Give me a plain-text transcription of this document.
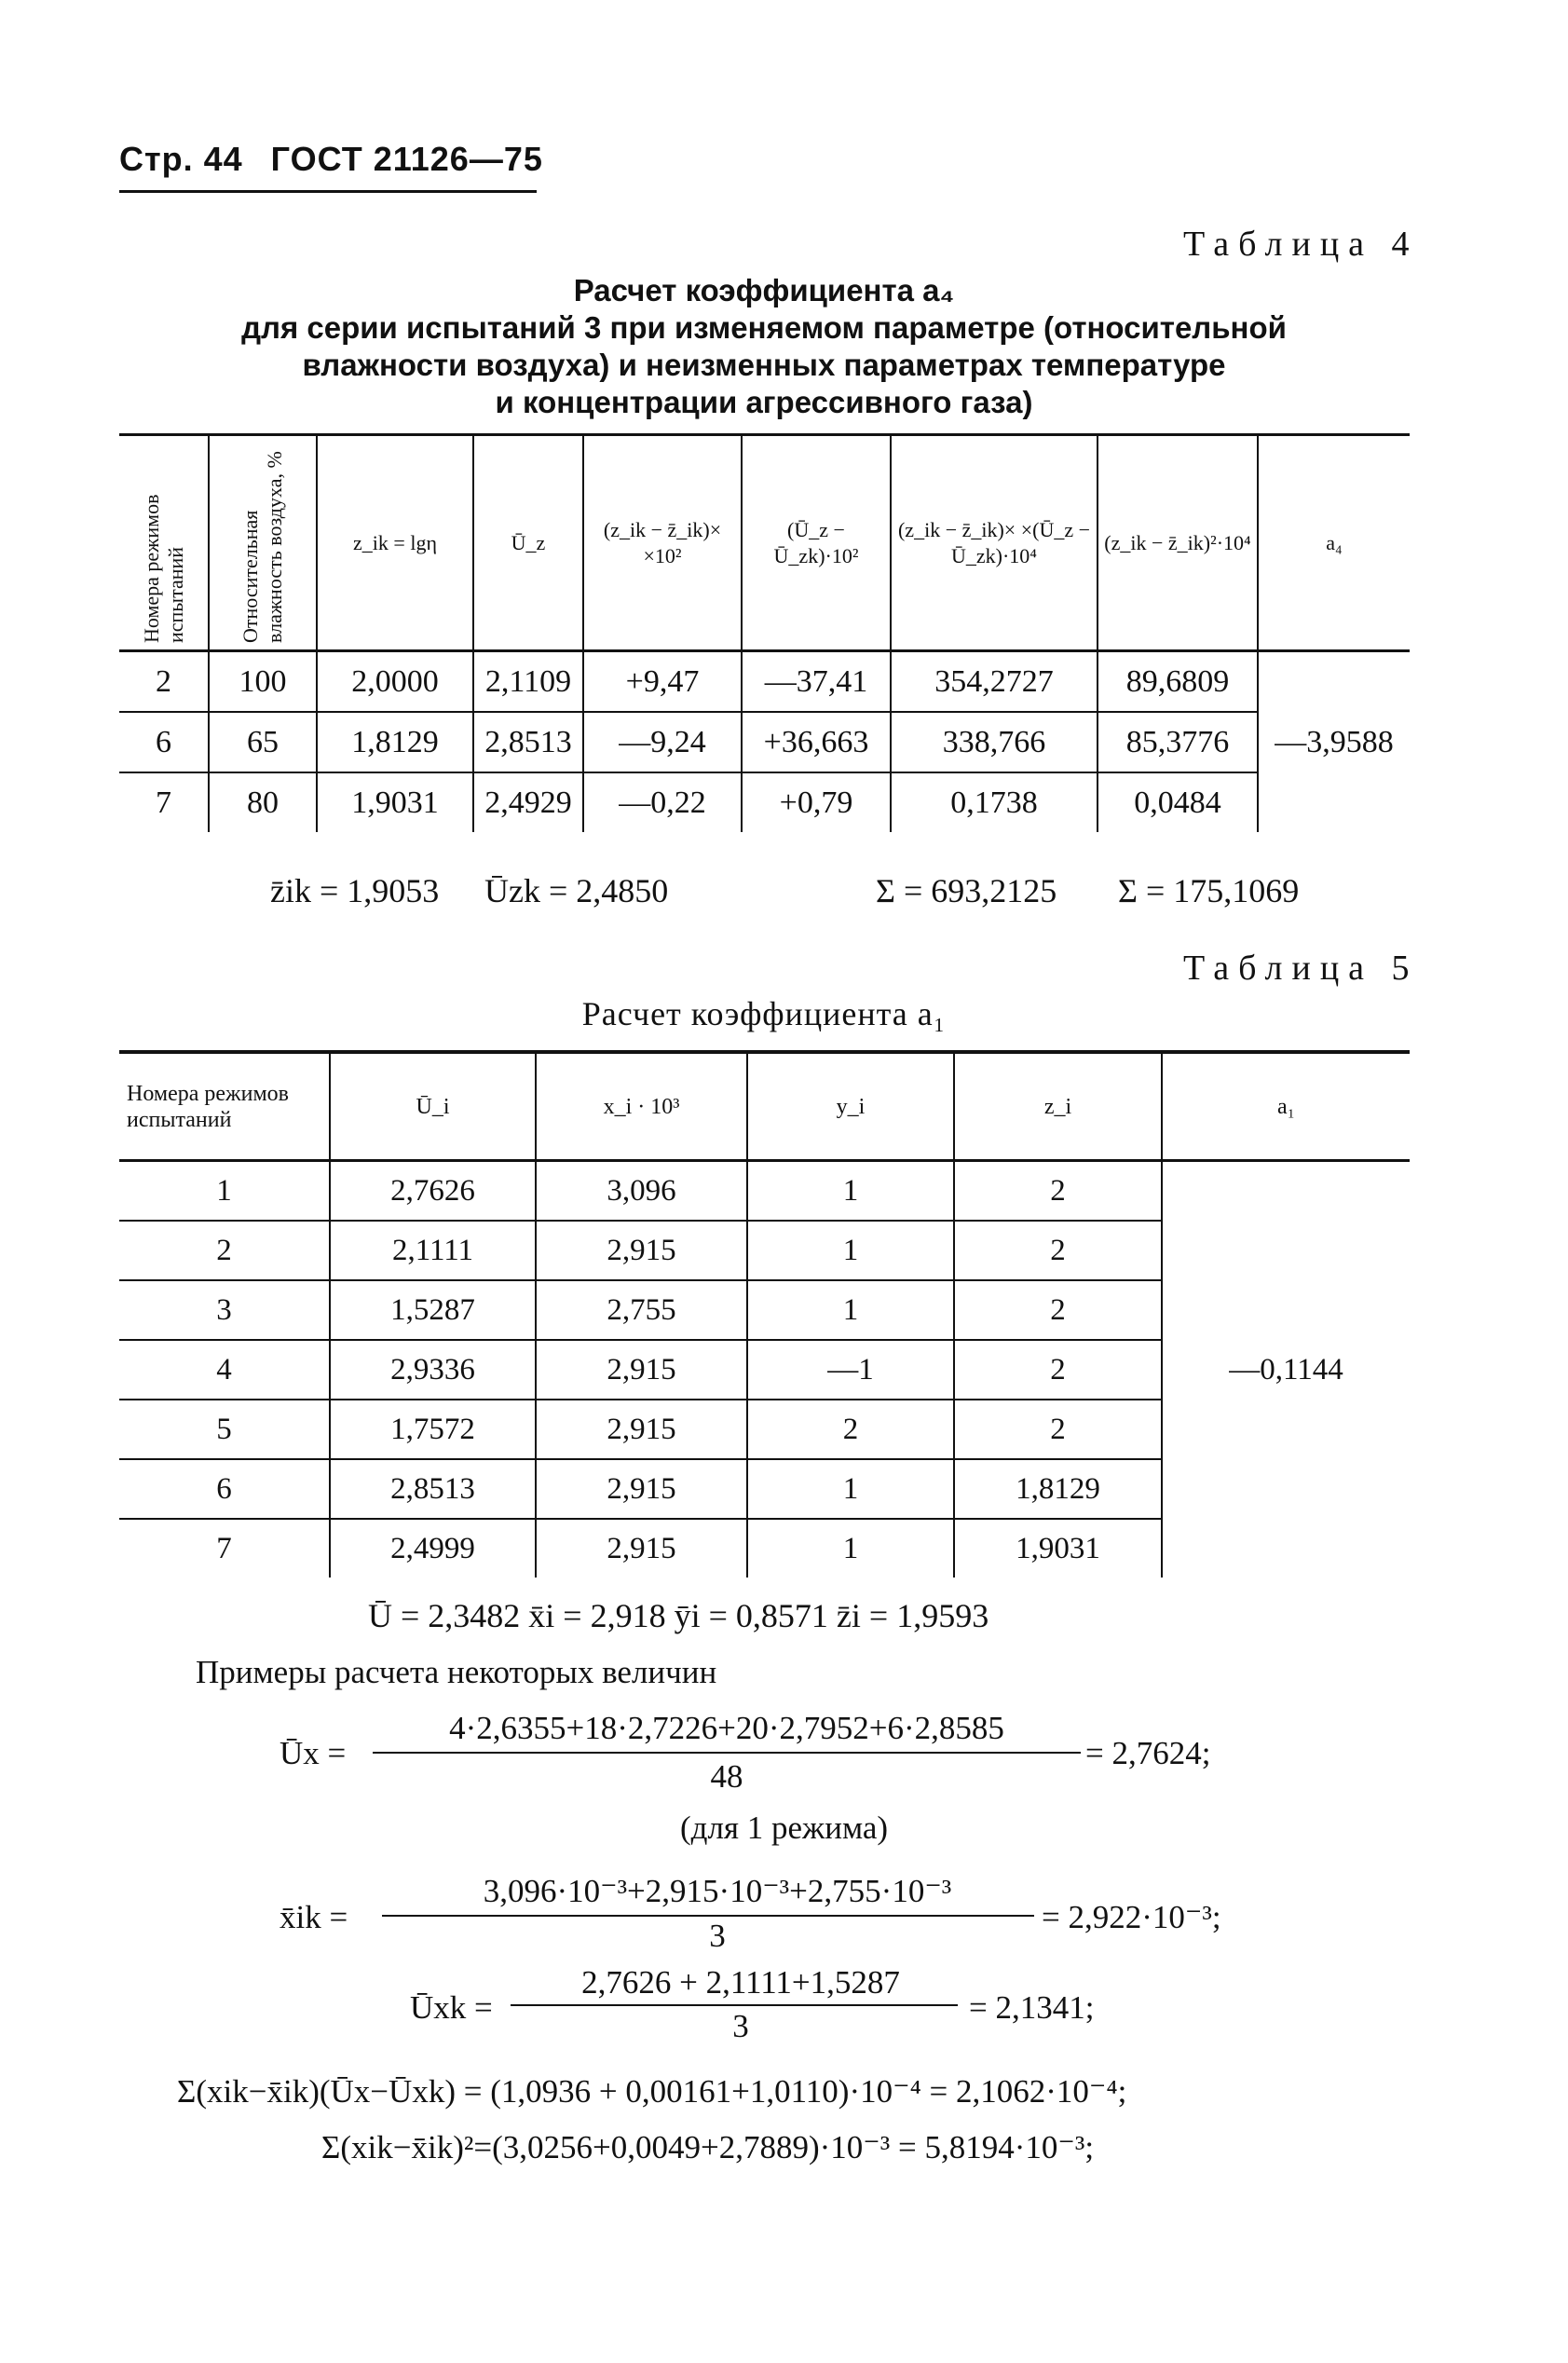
Стр. 44 ГОСТ 21126—75
Таблица 4
Расчет коэффициента a₄
для серии испытаний 3 при изменяемом параметре (относительной
влажности воздуха) и неизменных параметрах температуре
и концентрации агрессивного газа)
Номера режимов испытаний	Относительная влажность воздуха, %	z_ik = lgη	Ū_z	(z_ik − z̄_ik)× ×10²	(Ū_z − Ū_zk)·10²	(z_ik − z̄_ik)× ×(Ū_z − Ū_zk)·10⁴	(z_ik − z̄_ik)²·10⁴	a₄
2	100	2,0000	2,1109	+9,47	—37,41	354,2727	89,6809	—3,9588
6	65	1,8129	2,8513	—9,24	+36,663	338,766	85,3776	
7	80	1,9031	2,4929	—0,22	+0,79	0,1738	0,0484	
z̄ik = 1,9053 Ūzk = 2,4850	Σ = 693,2125 Σ = 175,1069
Таблица 5
Расчет коэффициента a₁
Номера режимов испытаний	Ū_i	x_i · 10³	y_i	z_i	a₁
1	2,7626	3,096	1	2	—0,1144
2	2,1111	2,915	1	2	
3	1,5287	2,755	1	2	
4	2,9336	2,915	—1	2	
5	1,7572	2,915	2	2	
6	2,8513	2,915	1	1,8129	
7	2,4999	2,915	1	1,9031	
Ū = 2,3482 x̄i = 2,918 ȳi = 0,8571 z̄i = 1,9593
Примеры расчета некоторых величин
Ūx =
4·2,6355+18·2,7226+20·2,7952+6·2,8585
48
= 2,7624;
(для 1 режима)
x̄ik =
3,096·10⁻³+2,915·10⁻³+2,755·10⁻³
3
= 2,922·10⁻³;
Ūxk =
2,7626 + 2,1111+1,5287
3
= 2,1341;
Σ(xik−x̄ik)(Ūx−Ūxk) = (1,0936 + 0,00161+1,0110)·10⁻⁴ = 2,1062·10⁻⁴;
Σ(xik−x̄ik)²=(3,0256+0,0049+2,7889)·10⁻³ = 5,8194·10⁻³;
